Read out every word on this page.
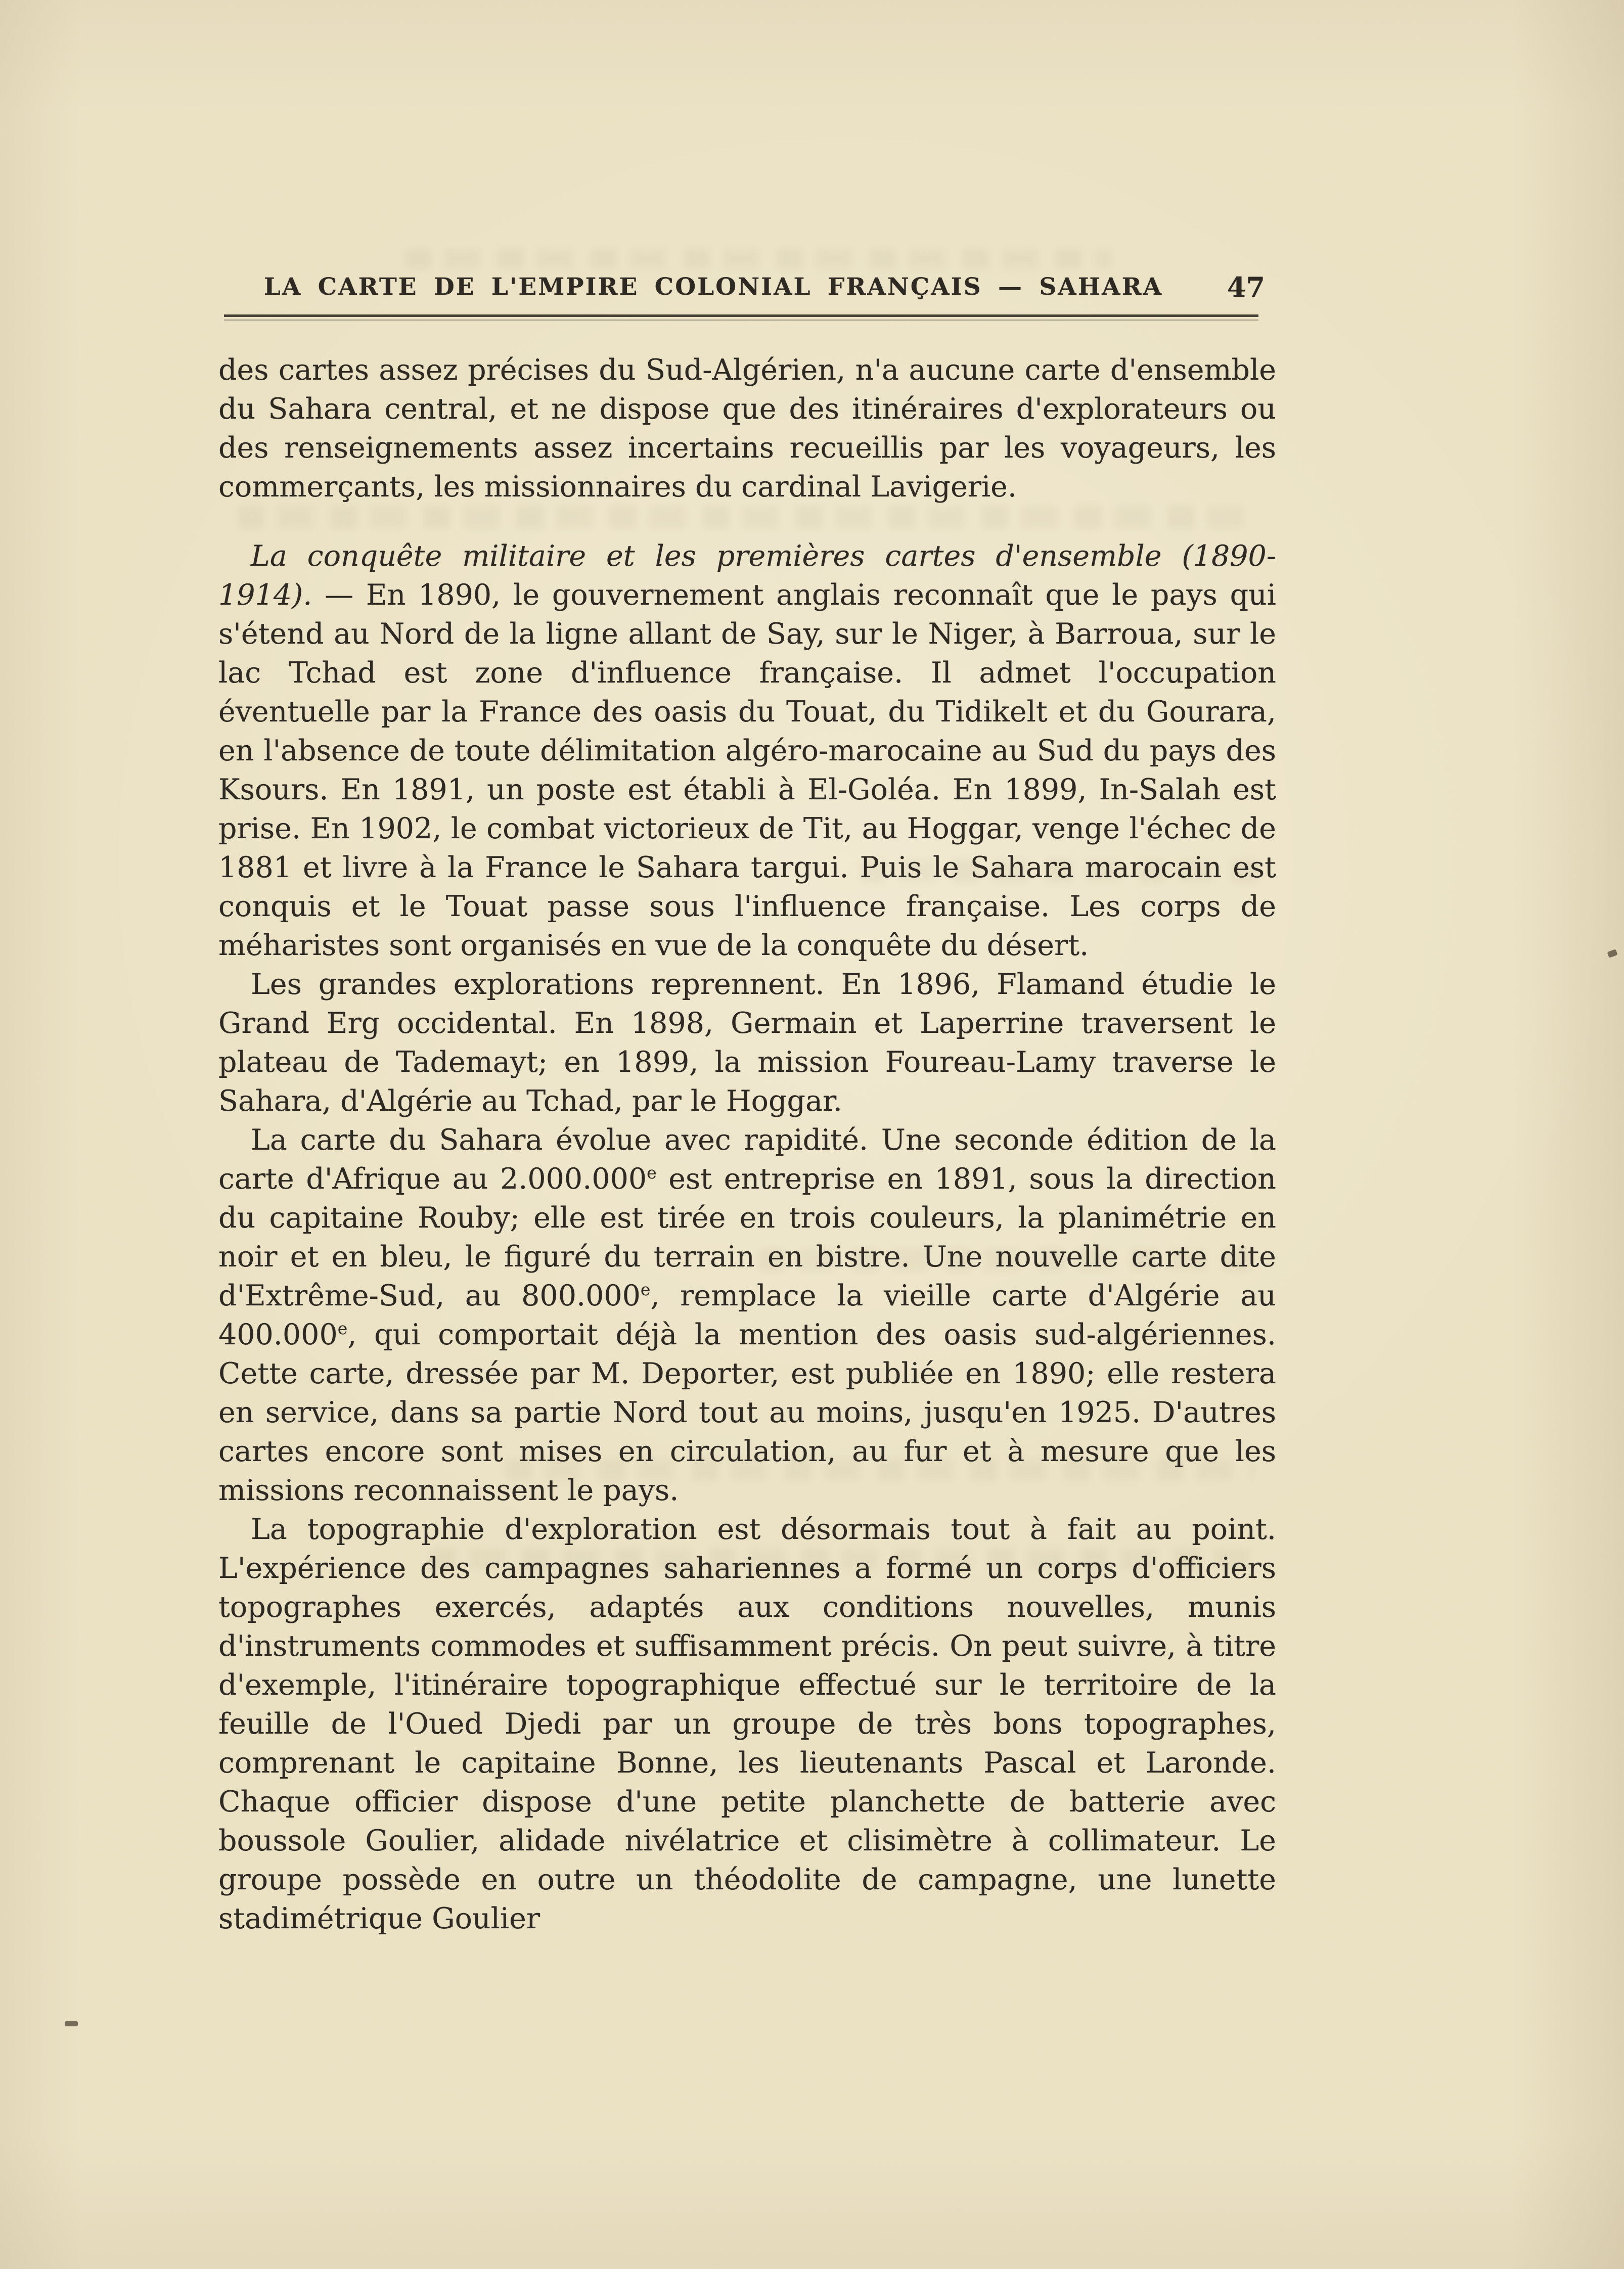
LA CARTE DE L'EMPIRE COLONIAL FRANÇAIS — SAHARA	47

des cartes assez précises du Sud-Algérien, n'a aucune carte d'ensemble du Sahara central, et ne dispose que des itinéraires d'explorateurs ou des renseignements assez incertains recueillis par les voyageurs, les commerçants, les missionnaires du cardinal Lavigerie.

La conquête militaire et les premières cartes d'ensemble (1890-1914). — En 1890, le gouvernement anglais reconnaît que le pays qui s'étend au Nord de la ligne allant de Say, sur le Niger, à Barroua, sur le lac Tchad est zone d'influence française. Il admet l'occupation éventuelle par la France des oasis du Touat, du Tidikelt et du Gourara, en l'absence de toute délimitation algéro-marocaine au Sud du pays des Ksours. En 1891, un poste est établi à El-Goléa. En 1899, In-Salah est prise. En 1902, le combat victorieux de Tit, au Hoggar, venge l'échec de 1881 et livre à la France le Sahara targui. Puis le Sahara marocain est conquis et le Touat passe sous l'influence française. Les corps de méharistes sont organisés en vue de la conquête du désert.

Les grandes explorations reprennent. En 1896, Flamand étudie le Grand Erg occidental. En 1898, Germain et Laperrine traversent le plateau de Tademayt; en 1899, la mission Foureau-Lamy traverse le Sahara, d'Algérie au Tchad, par le Hoggar.

La carte du Sahara évolue avec rapidité. Une seconde édition de la carte d'Afrique au 2.000.000e est entreprise en 1891, sous la direction du capitaine Rouby; elle est tirée en trois couleurs, la planimétrie en noir et en bleu, le figuré du terrain en bistre. Une nouvelle carte dite d'Extrême-Sud, au 800.000e, remplace la vieille carte d'Algérie au 400.000e, qui comportait déjà la mention des oasis sud-algériennes. Cette carte, dressée par M. Deporter, est publiée en 1890; elle restera en service, dans sa partie Nord tout au moins, jusqu'en 1925. D'autres cartes encore sont mises en circulation, au fur et à mesure que les missions reconnaissent le pays.

La topographie d'exploration est désormais tout à fait au point. L'expérience des campagnes sahariennes a formé un corps d'officiers topographes exercés, adaptés aux conditions nouvelles, munis d'instruments commodes et suffisamment précis. On peut suivre, à titre d'exemple, l'itinéraire topographique effectué sur le territoire de la feuille de l'Oued Djedi par un groupe de très bons topographes, comprenant le capitaine Bonne, les lieutenants Pascal et Laronde. Chaque officier dispose d'une petite planchette de batterie avec boussole Goulier, alidade nivélatrice et clisimètre à collimateur. Le groupe possède en outre un théodolite de campagne, une lunette stadimétrique Goulier
